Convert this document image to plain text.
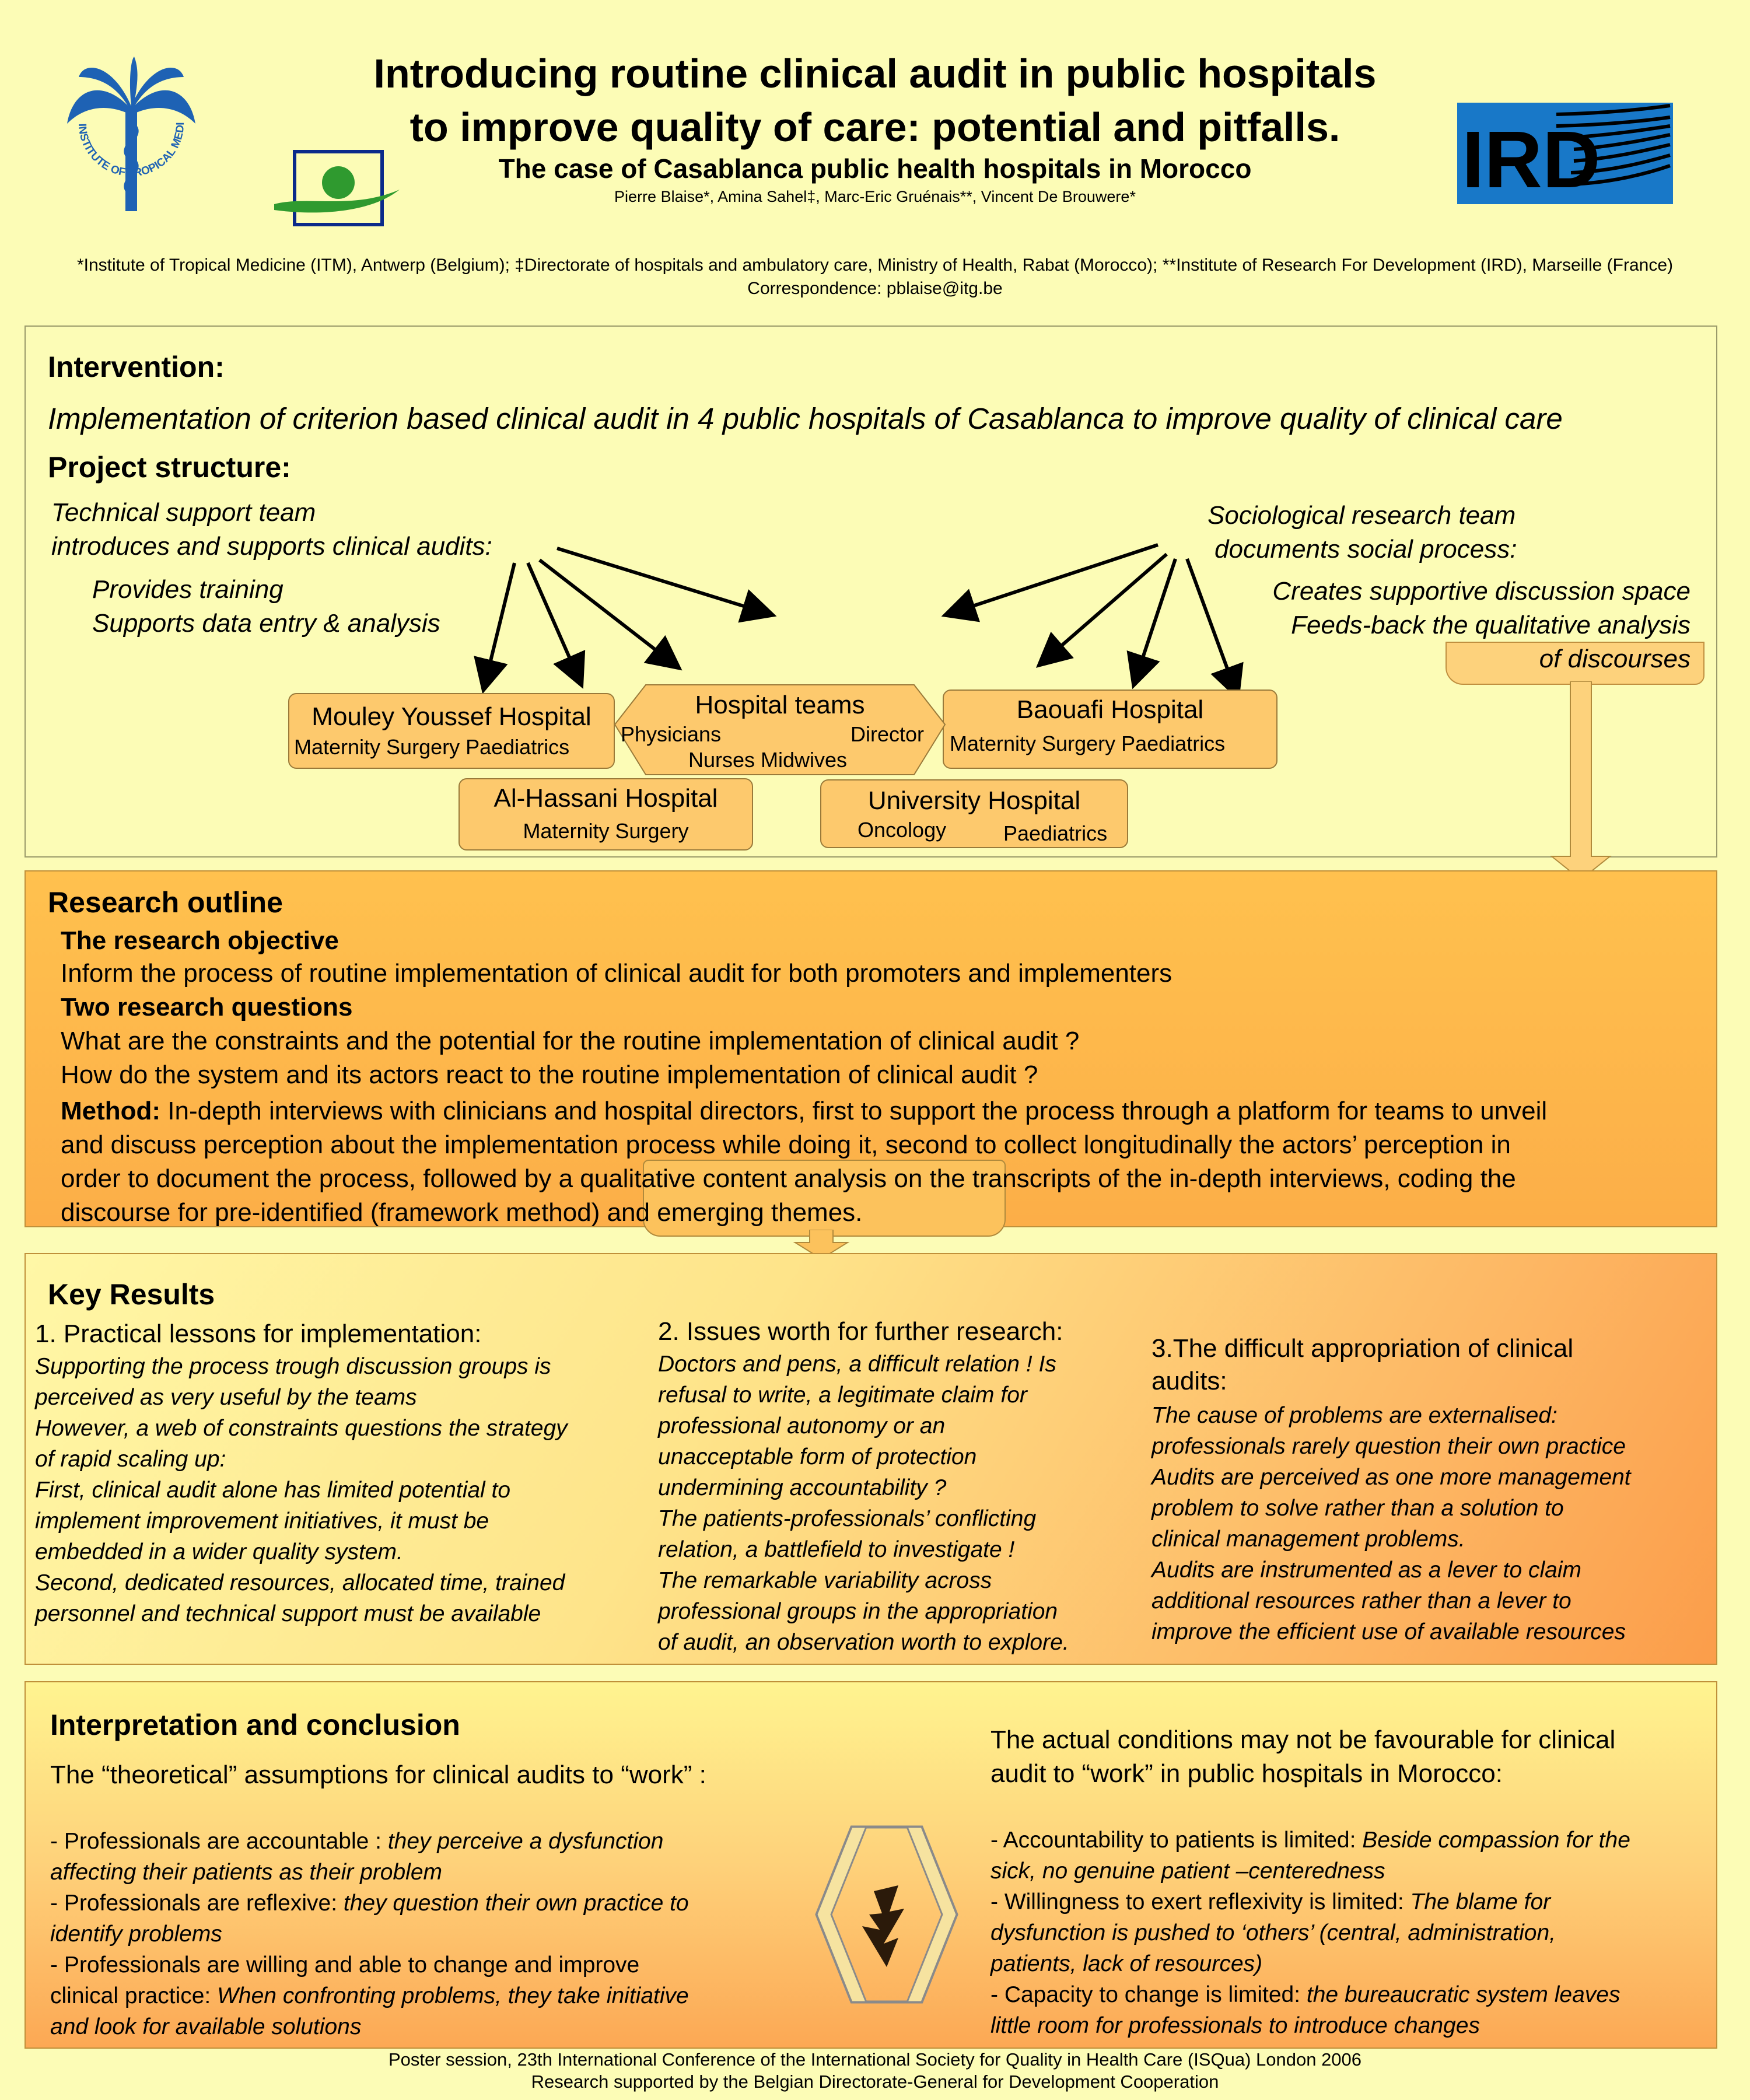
INSTITUTE OF TROPICAL MEDI	IRD
Introducing routine clinical audit in public hospitals
to improve quality of care: potential and pitfalls.
The case of Casablanca public health hospitals in Morocco
Pierre Blaise*, Amina Sahel‡, Marc-Eric Gruénais**, Vincent De Brouwere*
*Institute of Tropical Medicine (ITM), Antwerp (Belgium); ‡Directorate of hospitals and ambulatory care, Ministry of Health, Rabat (Morocco); **Institute of Research For Development (IRD), Marseille (France)
Correspondence: pblaise@itg.be
Intervention:
Implementation of criterion based clinical audit in 4 public hospitals of Casablanca to improve quality of clinical care
Project structure:
Technical support team
introduces and supports clinical audits:
Provides training
Supports data entry & analysis
Sociological research team
documents social process:
Creates supportive discussion space
Feeds-back the qualitative analysis
of discourses
Mouley Youssef Hospital
Maternity Surgery Paediatrics
Baouafi Hospital
Maternity Surgery Paediatrics
Al-Hassani Hospital
Maternity Surgery
University Hospital
Oncology	Paediatrics
Hospital teams
Physicians	Director
Nurses Midwives
Research outline
The research objective
Inform the process of routine implementation of clinical audit for both promoters and implementers
Two research questions
What are the constraints and the potential for the routine implementation of clinical audit ?
How do the system and its actors react to the routine implementation of clinical audit ?
Method: In-depth interviews with clinicians and hospital directors, first to support the process through a platform for teams to unveil
and discuss perception about the implementation process while doing it, second to collect longitudinally the actors’ perception in
order to document the process, followed by a qualitative content analysis on the transcripts of the in-depth interviews, coding the
discourse for pre-identified (framework method) and emerging themes.
Key Results
1. Practical lessons for implementation:
Supporting the process trough discussion groups is
perceived as very useful by the teams
However, a web of constraints questions the strategy
of rapid scaling up:
First, clinical audit alone has limited potential to
implement improvement initiatives, it must be
embedded in a wider quality system.
Second, dedicated resources, allocated time, trained
personnel and technical support must be available
2. Issues worth for further research:
Doctors and pens, a difficult relation ! Is
refusal to write, a legitimate claim for
professional autonomy or an
unacceptable form of protection
undermining accountability ?
The patients-professionals’ conflicting
relation, a battlefield to investigate !
The remarkable variability across
professional groups in the appropriation
of audit, an observation worth to explore.
3.The difficult appropriation of clinical
audits:
The cause of problems are externalised:
professionals rarely question their own practice
Audits are perceived as one more management
problem to solve rather than a solution to
clinical management problems.
Audits are instrumented as a lever to claim
additional resources rather than a lever to
improve the efficient use of available resources
Interpretation and conclusion
The “theoretical” assumptions for clinical audits to “work” :
- Professionals are accountable : they perceive a dysfunction
affecting their patients as their problem
- Professionals are reflexive: they question their own practice to
identify problems
- Professionals are willing and able to change and improve
clinical practice: When confronting problems, they take initiative
and look for available solutions
The actual conditions may not be favourable for clinical
audit to “work” in public hospitals in Morocco:
- Accountability to patients is limited: Beside compassion for the
sick, no genuine patient –centeredness
- Willingness to exert reflexivity is limited: The blame for
dysfunction is pushed to ‘others’ (central, administration,
patients, lack of resources)
- Capacity to change is limited: the bureaucratic system leaves
little room for professionals to introduce changes
Poster session, 23th International Conference of the International Society for Quality in Health Care (ISQua) London 2006
Research supported by the Belgian Directorate-General for Development Cooperation
